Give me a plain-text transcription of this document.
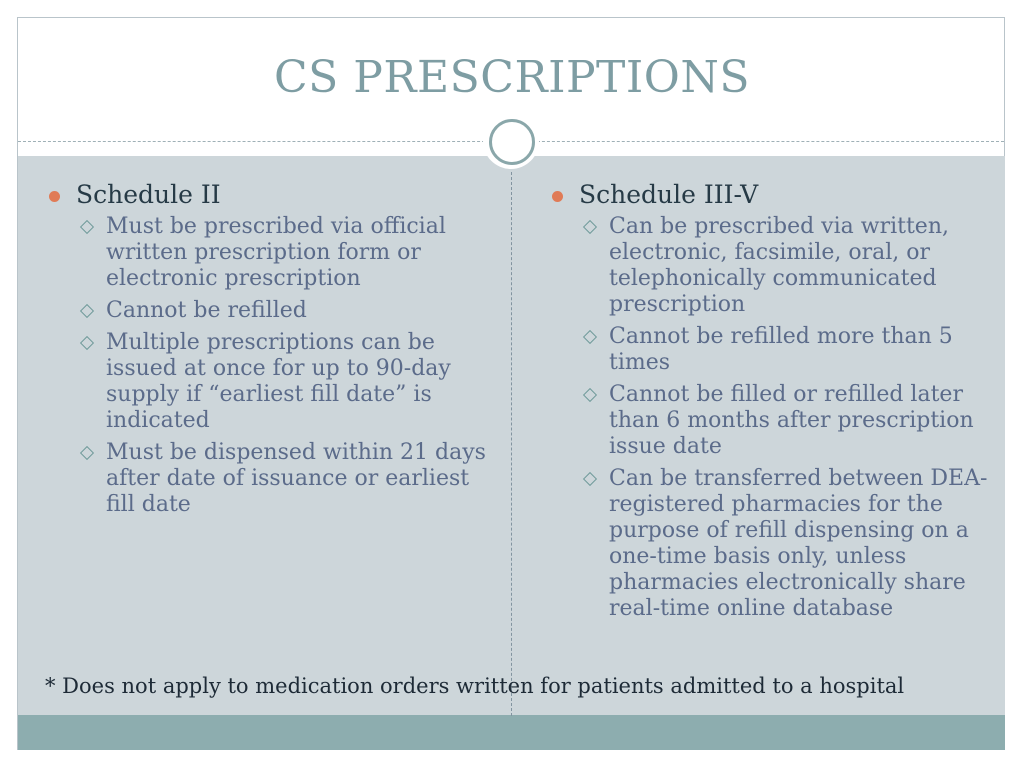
CS PRESCRIPTIONS
Schedule II
Must be prescribed via official written prescription form or electronic prescription
Cannot be refilled
Multiple prescriptions can be issued at once for up to 90-day supply if “earliest fill date” is indicated
Must be dispensed within 21 days after date of issuance or earliest fill date
Schedule III-V
Can be prescribed via written, electronic, facsimile, oral, or telephonically communicated prescription
Cannot be refilled more than 5 times
Cannot be filled or refilled later than 6 months after prescription issue date
Can be transferred between DEA-registered pharmacies for the purpose of refill dispensing on a one-time basis only, unless pharmacies electronically share real-time online database
* Does not apply to medication orders written for patients admitted to a hospital
